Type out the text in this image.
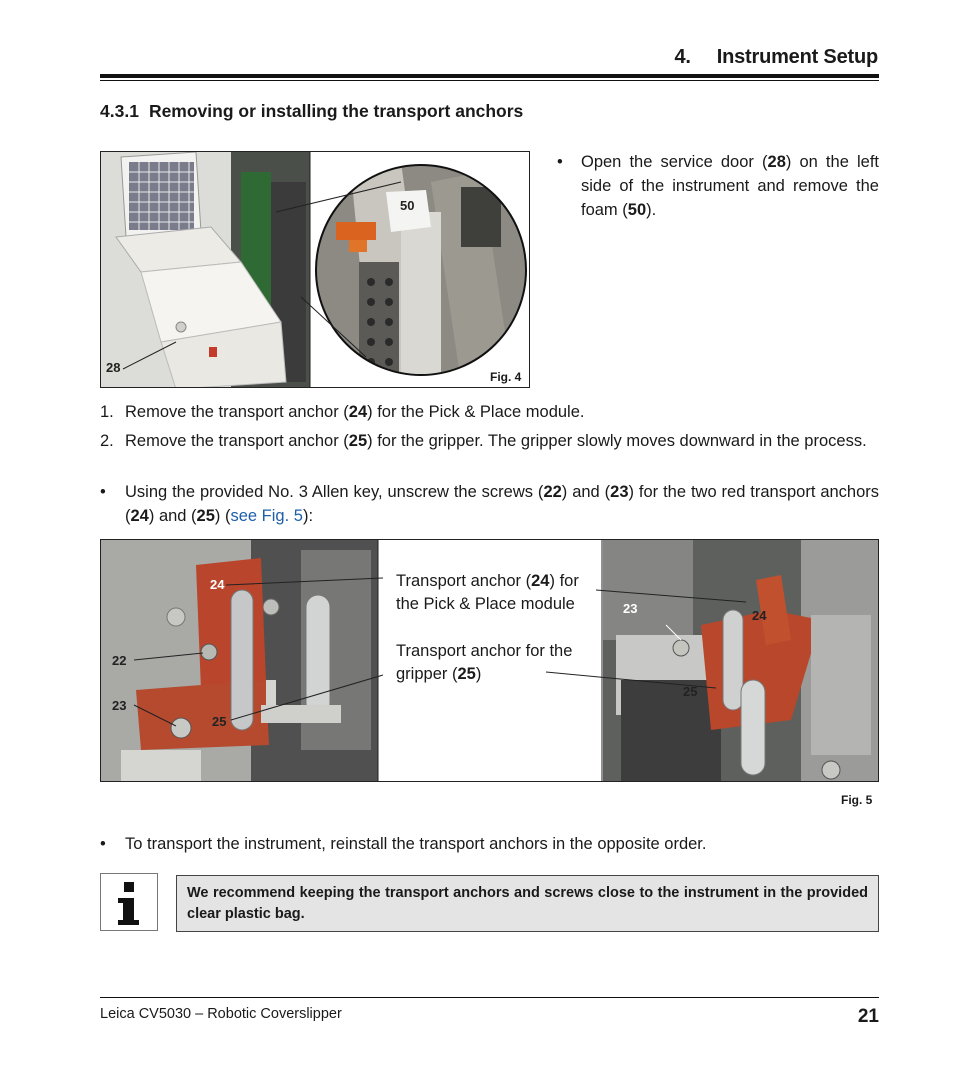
4. Instrument Setup
4.3.1 Removing or installing the transport anchors
28
50
Fig. 4
• Open the service door (28) on the left side of the instrument and remove the foam (50).
1. Remove the transport anchor (24) for the Pick & Place module.
2. Remove the transport anchor (25) for the gripper. The gripper slowly moves downward in the process.
• Using the provided No. 3 Allen key, unscrew the screws (22) and (23) for the two red transport anchors (24) and (25) (see Fig. 5):
24
22
23
25
23	24
25
Transport anchor (24) for the Pick & Place module
Transport anchor for the gripper (25)
Fig. 5
• To transport the instrument, reinstall the transport anchors in the opposite order.
We recommend keeping the transport anchors and screws close to the instrument in the provided clear plastic bag.
Leica CV5030 – Robotic Coverslipper	21
